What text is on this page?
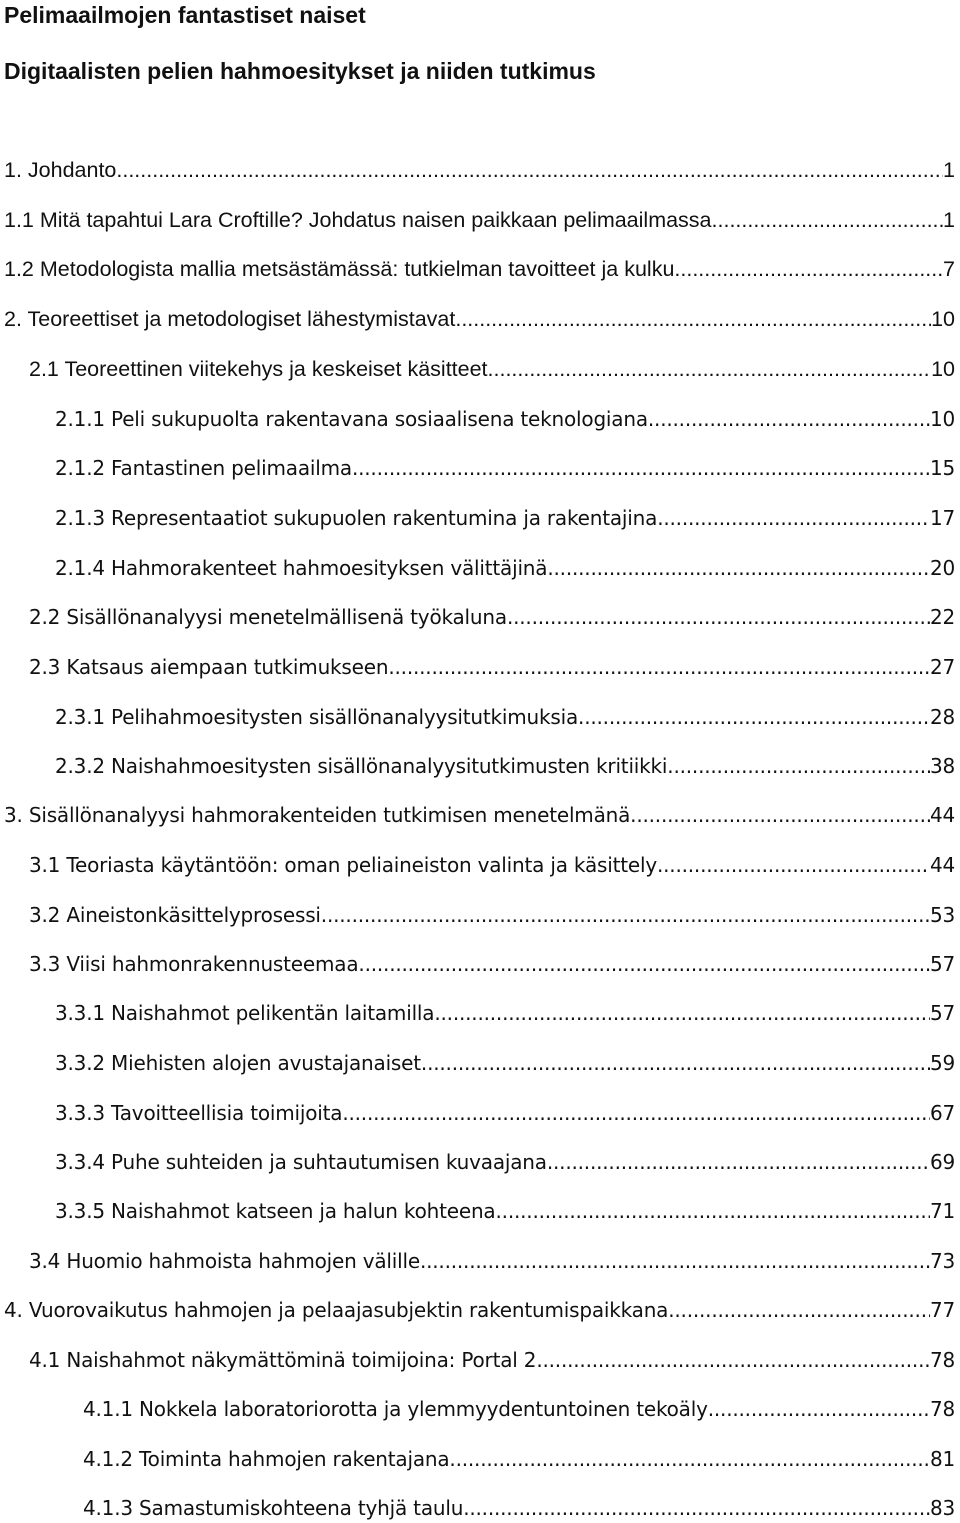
Pelimaailmojen fantastiset naiset
Digitaalisten pelien hahmoesitykset ja niiden tutkimus
1. Johdanto .....	1
1.1 Mitä tapahtui Lara Croftille? Johdatus naisen paikkaan pelimaailmassa .....	1
1.2 Metodologista mallia metsästämässä: tutkielman tavoitteet ja kulku .....	7
2. Teoreettiset ja metodologiset lähestymistavat .....	10
2.1 Teoreettinen viitekehys ja keskeiset käsitteet .....	10
2.1.1 Peli sukupuolta rakentavana sosiaalisena teknologiana .....	10
2.1.2 Fantastinen pelimaailma .....	15
2.1.3 Representaatiot sukupuolen rakentumina ja rakentajina .....	17
2.1.4 Hahmorakenteet hahmoesityksen välittäjinä .....	20
2.2 Sisällönanalyysi menetelmällisenä työkaluna .....	22
2.3 Katsaus aiempaan tutkimukseen .....	27
2.3.1 Pelihahmoesitysten sisällönanalyysitutkimuksia .....	28
2.3.2 Naishahmoesitysten sisällönanalyysitutkimusten kritiikki .....	38
3. Sisällönanalyysi hahmorakenteiden tutkimisen menetelmänä .....	44
3.1 Teoriasta käytäntöön: oman peliaineiston valinta ja käsittely .....	44
3.2 Aineistonkäsittelyprosessi .....	53
3.3 Viisi hahmonrakennusteemaa .....	57
3.3.1 Naishahmot pelikentän laitamilla .....	57
3.3.2 Miehisten alojen avustajanaiset .....	59
3.3.3 Tavoitteellisia toimijoita .....	67
3.3.4 Puhe suhteiden ja suhtautumisen kuvaajana .....	69
3.3.5 Naishahmot katseen ja halun kohteena .....	71
3.4 Huomio hahmoista hahmojen välille .....	73
4. Vuorovaikutus hahmojen ja pelaajasubjektin rakentumispaikkana .....	77
4.1 Naishahmot näkymättöminä toimijoina: Portal 2 .....	78
4.1.1 Nokkela laboratoriorotta ja ylemmyydentuntoinen tekoäly .....	78
4.1.2 Toiminta hahmojen rakentajana .....	81
4.1.3 Samastumiskohteena tyhjä taulu .....	83
